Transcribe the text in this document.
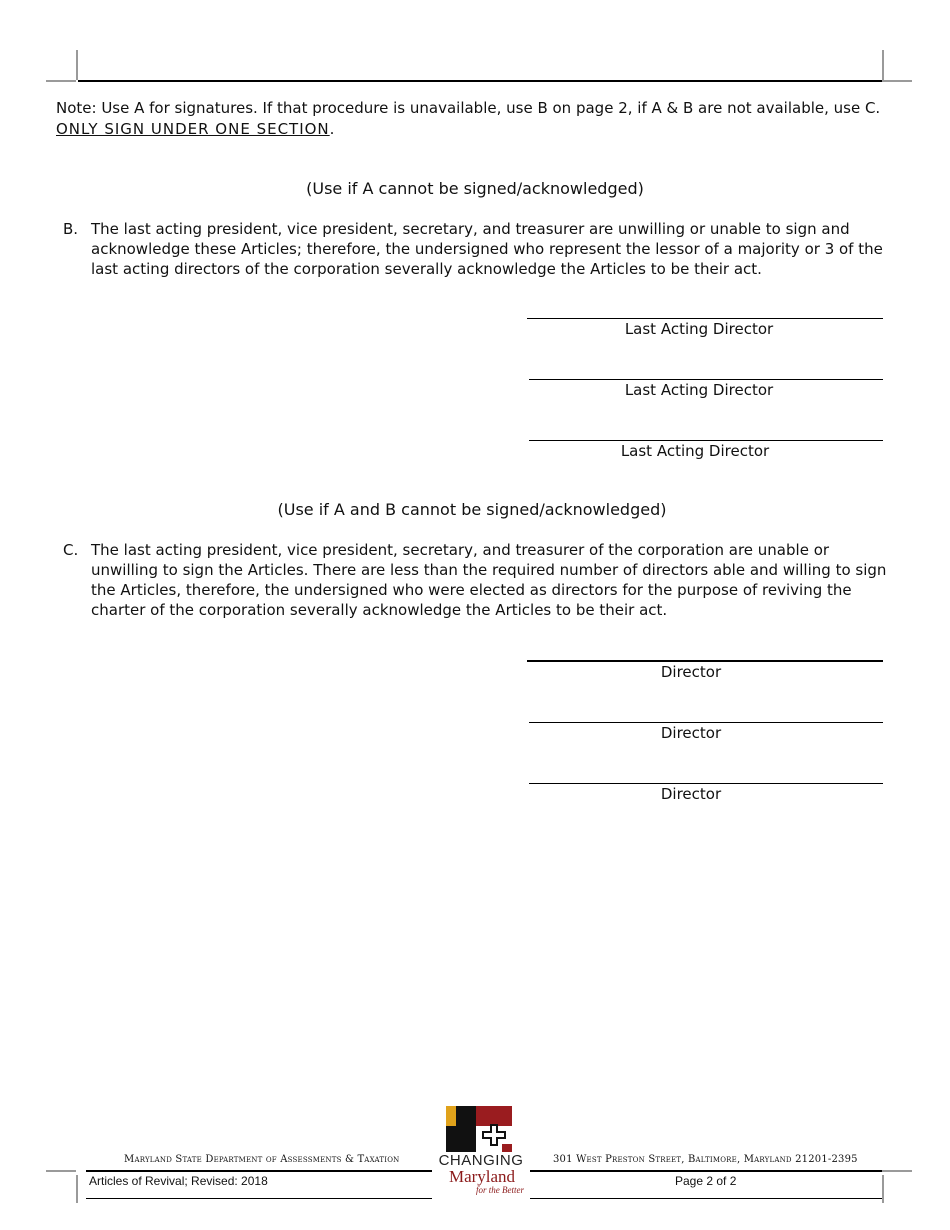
Note: Use A for signatures. If that procedure is unavailable, use B on page 2, if A & B are not available, use C.
ONLY SIGN UNDER ONE SECTION.
(Use if A cannot be signed/acknowledged)
B. The last acting president, vice president, secretary, and treasurer are unwilling or unable to sign and acknowledge these Articles; therefore, the undersigned who represent the lessor of a majority or 3 of the last acting directors of the corporation severally acknowledge the Articles to be their act.
Last Acting Director
Last Acting Director
Last Acting Director
(Use if A and B cannot be signed/acknowledged)
C. The last acting president, vice president, secretary, and treasurer of the corporation are unable or unwilling to sign the Articles. There are less than the required number of directors able and willing to sign the Articles, therefore, the undersigned who were elected as directors for the purpose of reviving the charter of the corporation severally acknowledge the Articles to be their act.
Director
Director
Director
Maryland State Department of Assessments & Taxation	301 West Preston Street, Baltimore, Maryland 21201-2395
CHANGING
Maryland
for the Better
Articles of Revival; Revised: 2018	Page 2 of 2
